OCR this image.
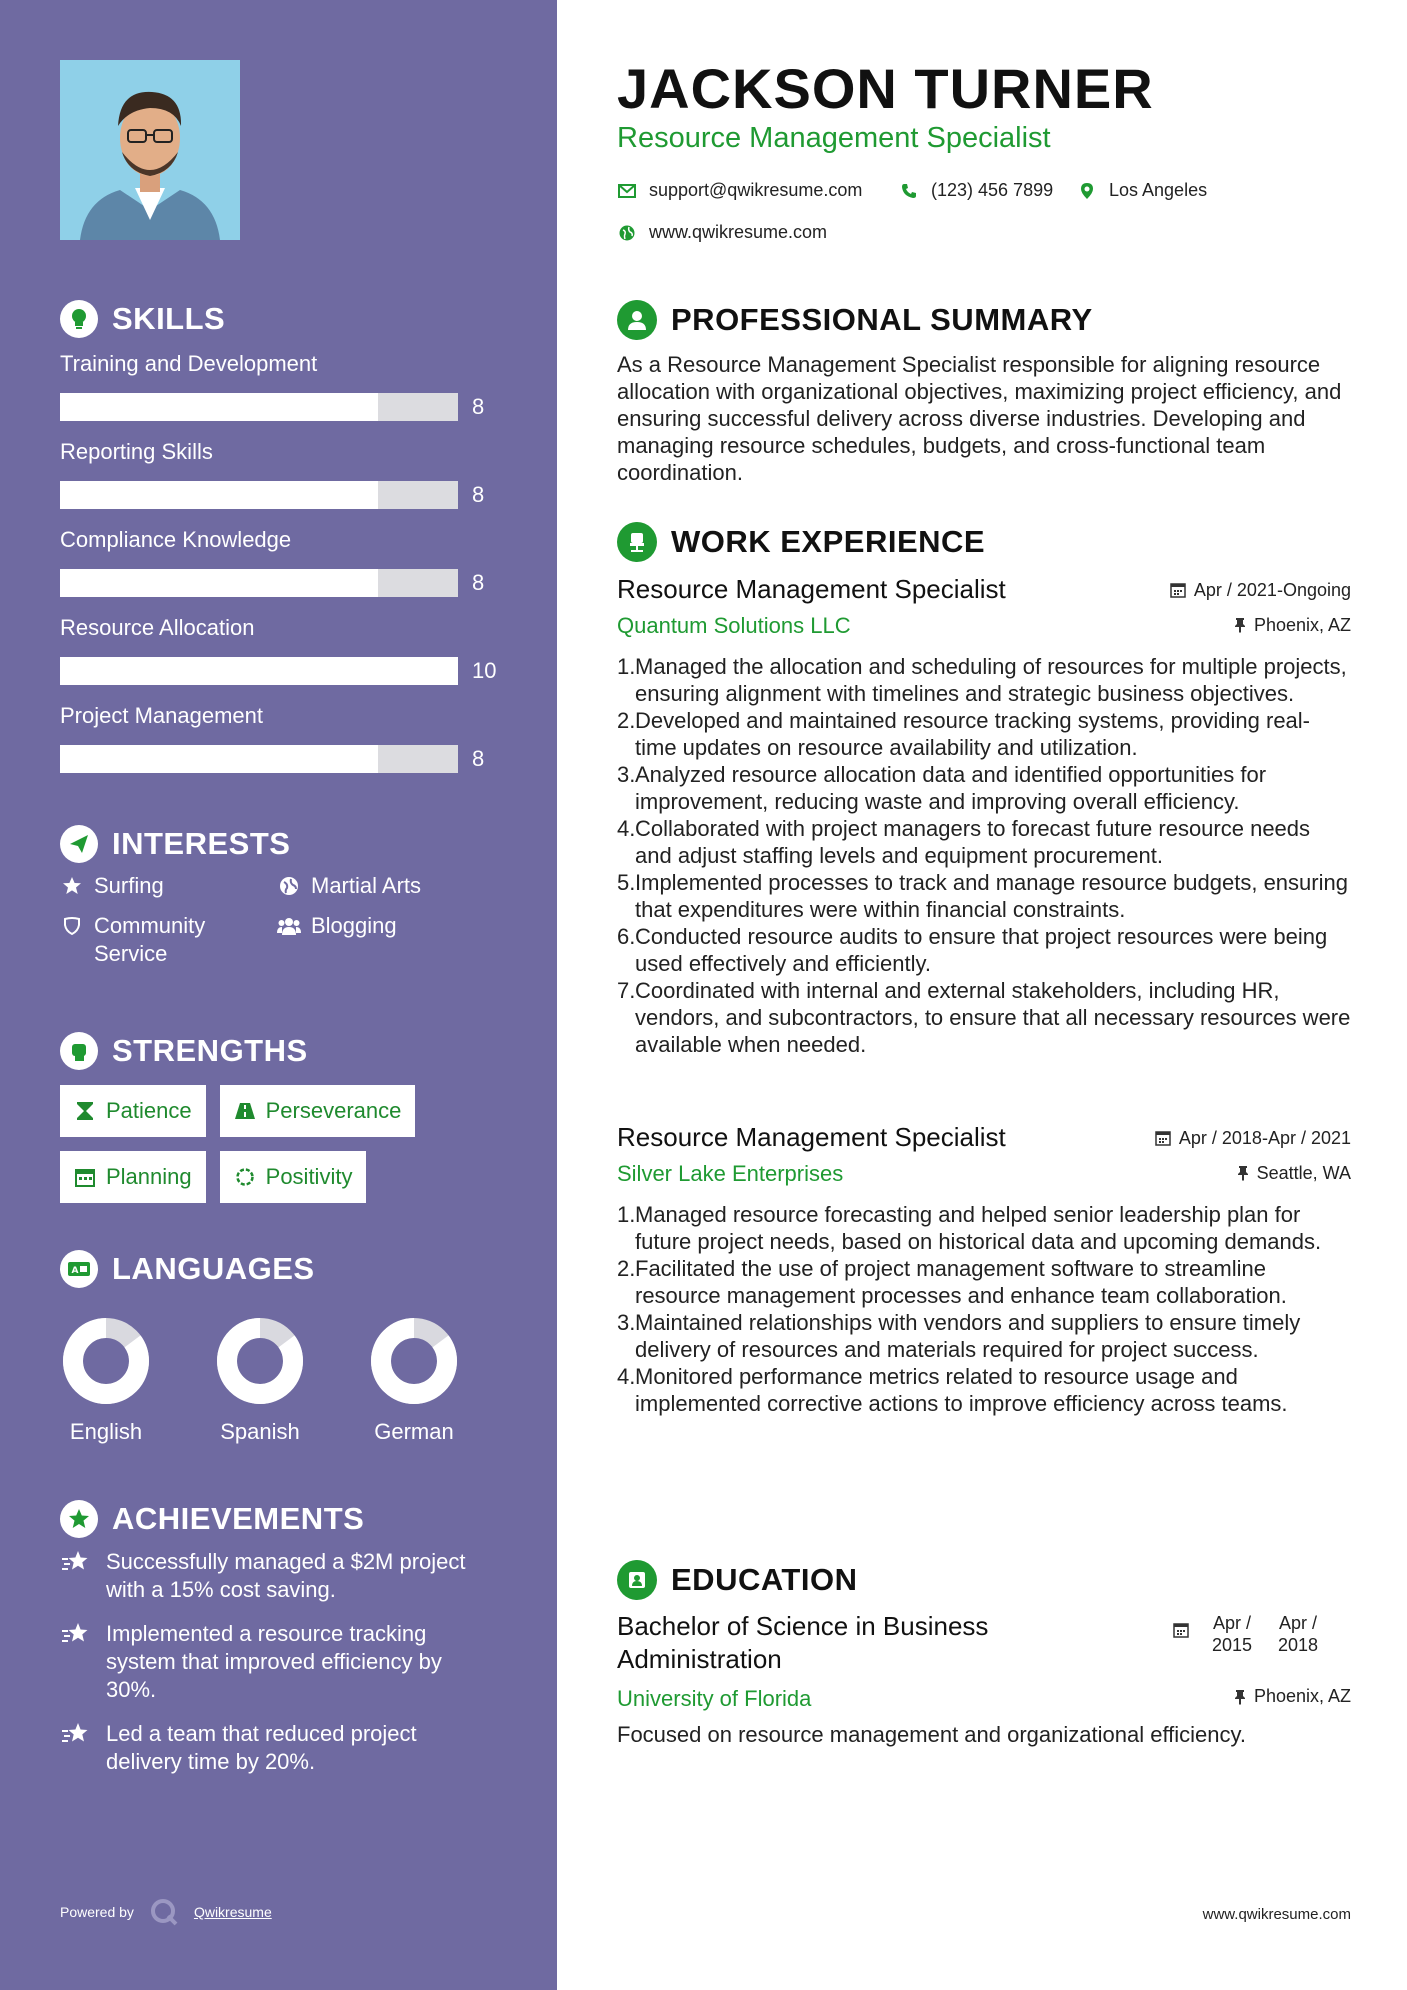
SKILLS
Training and Development
8
Reporting Skills
8
Compliance Knowledge
8
Resource Allocation
10
Project Management
8
INTERESTS
Surfing	Martial Arts
Community Service
Blogging
STRENGTHS
Patience	Perseverance
Planning	Positivity
A LANGUAGES
English	Spanish	German
ACHIEVEMENTS
Successfully managed a $2M project with a 15% cost saving.
Implemented a resource tracking system that improved efficiency by 30%.
Led a team that reduced project delivery time by 20%.
Powered by	Qwikresume
JACKSON TURNER
Resource Management Specialist
support@qwikresume.com	(123) 456 7899	Los Angeles
www.qwikresume.com
PROFESSIONAL SUMMARY
As a Resource Management Specialist responsible for aligning resource allocation with organizational objectives, maximizing project efficiency, and ensuring successful delivery across diverse industries. Developing and managing resource schedules, budgets, and cross-functional team coordination.
WORK EXPERIENCE
Resource Management Specialist	Apr / 2021-Ongoing
Quantum Solutions LLC	Phoenix, AZ
Managed the allocation and scheduling of resources for multiple projects, ensuring alignment with timelines and strategic business objectives.
Developed and maintained resource tracking systems, providing real-time updates on resource availability and utilization.
Analyzed resource allocation data and identified opportunities for improvement, reducing waste and improving overall efficiency.
Collaborated with project managers to forecast future resource needs and adjust staffing levels and equipment procurement.
Implemented processes to track and manage resource budgets, ensuring that expenditures were within financial constraints.
Conducted resource audits to ensure that project resources were being used effectively and efficiently.
Coordinated with internal and external stakeholders, including HR, vendors, and subcontractors, to ensure that all necessary resources were available when needed.
Resource Management Specialist	Apr / 2018-Apr / 2021
Silver Lake Enterprises	Seattle, WA
Managed resource forecasting and helped senior leadership plan for future project needs, based on historical data and upcoming demands.
Facilitated the use of project management software to streamline resource management processes and enhance team collaboration.
Maintained relationships with vendors and suppliers to ensure timely delivery of resources and materials required for project success.
Monitored performance metrics related to resource usage and implemented corrective actions to improve efficiency across teams.
EDUCATION
Bachelor of Science in Business Administration
Apr / 2015
Apr / 2018
University of Florida	Phoenix, AZ
Focused on resource management and organizational efficiency.
www.qwikresume.com
